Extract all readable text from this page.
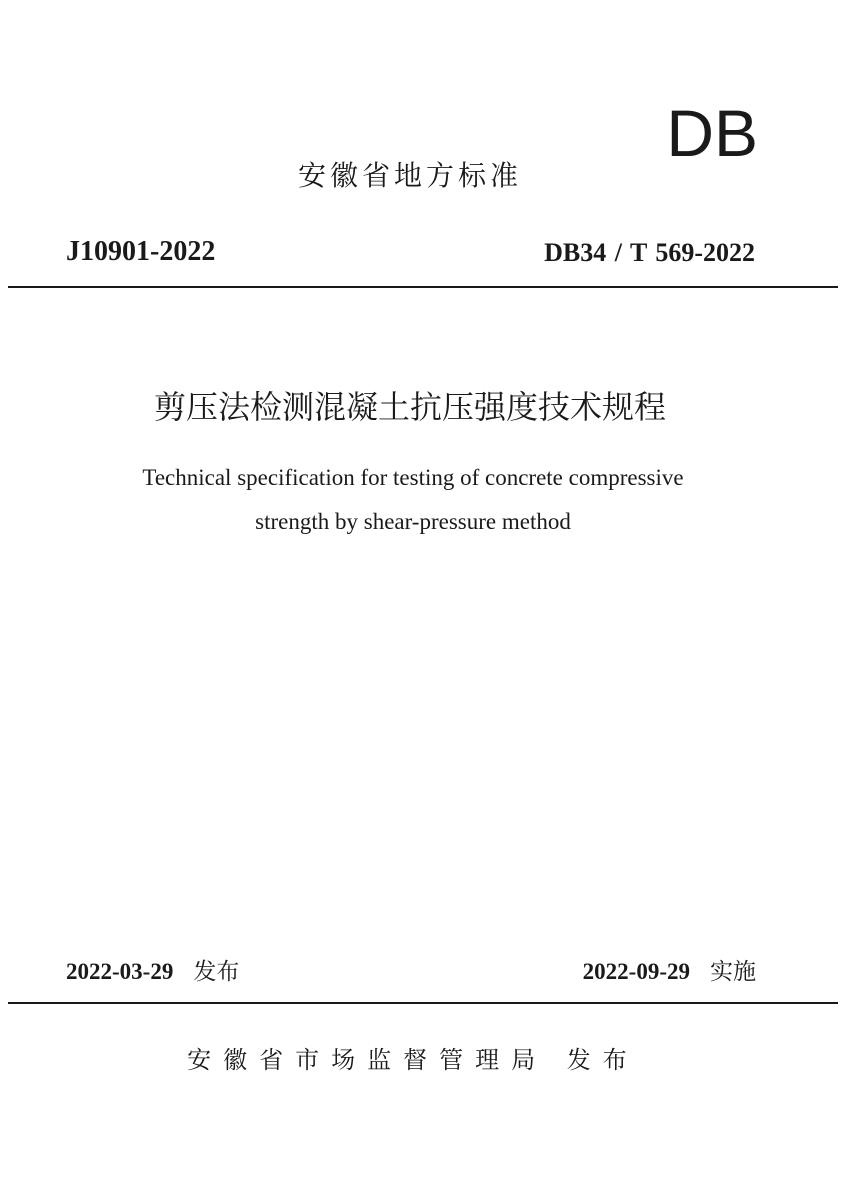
DB
安徽省地方标准
J10901-2022	DB34 / T 569-2022
剪压法检测混凝土抗压强度技术规程
Technical specification for testing of concrete compressive
strength by shear-pressure method
2022-03-29 发布	2022-09-29 实施
安徽省市场监督管理局 发布
